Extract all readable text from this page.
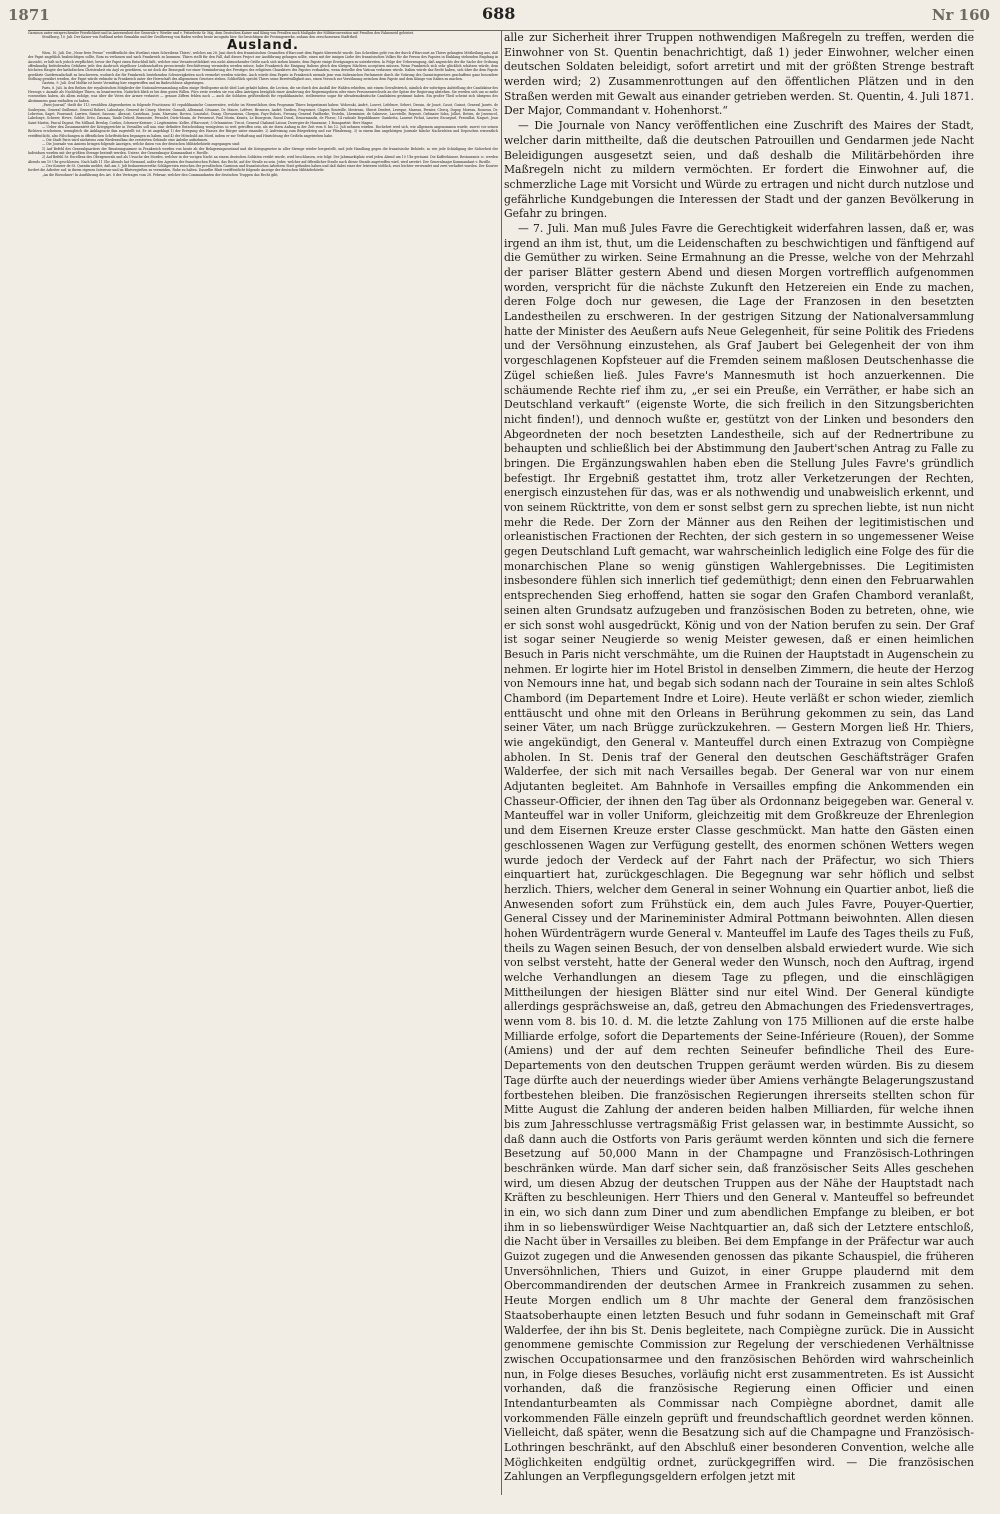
1871	688	Nr 160

Garnison unter entsprechender Feierlichkeit und in Anwesenheit der Generale v. Werder und v. Pritzelwitz Sr. Maj. dem Deutschen Kaiser und König von Preußen nach Maßgabe der Militärconvention mit Preußen den Fahneneid geleistet.

Straßburg, 10. Juli. Der Kaiser von Rußland nebst Gemahlin und der Großherzog von Baden weilen heute incognito hier. Sie besichtigen die Festungswerke, sodann den zerschossenen Stadttheil.

Ausland.

Wien, 10. Juli. Die „Neue freie Presse“ veröffentlicht den Wortlaut eines Schreibens Thiers', welches am 28. Juni durch den französischen Gesandten d'Harcourt dem Papste überreicht wurde. Das Schreiben geht von der durch d'Harcourt an Thiers gelangten Mittheilung aus, daß der Papst angeblich beabsichtigen sollte, Rom zu verlassen und nach Frankreich zu kommen. Thiers stellt für den Fall, daß dieses Project zur Ausführung gelangen sollte, einen mit der innigen Liebe des französischen Volkes für die Person des Papstes in Einklang stehenden Empfang in Aussicht, er hält sich jedoch verpflichtet, bevor der Papst einen Entschluß faßt, welcher eine Verantwortlichkeit von nicht abzusehender Größe nach sich ziehen könnte, dem Papste einige Erwägungen zu unterbreiten. In Folge der Ueberzeugung, daß angesichts der die Sache der Ordnung offenkundig bedrohenden Gefahren jede den Ausbruch zügelloser Leidenschaften provocirende Erschütterung vermieden werden müsse, habe Frankreich die Einigung Italiens gleich den übrigen Mächten acceptiren müssen. Wenn Frankreich sich sehr glücklich schätzen würde, dem höchsten Haupte der katholischen Christenheit ein Asyl zu gewähren, so sei doch die Besorgniß vor einer Verminderung des Prestiges des religiösen Charakters des Papstes vorhanden, wenn derselbe den Vatican verlassen würde. Italien würde das Recht haben, sich über die dem Papste gewährte Gastfreundschaft zu beschweren, wodurch die für Frankreich bestehenden Schwierigkeiten noch vermehrt werden würden. Auch würde dem Papste in Frankreich niemals jene vom italienischen Parlamente durch die Votirung des Garantiegesetzes geschaffene ganz besondere Stellung gewährt werden, der Papst würde vielmehr in Frankreich unter der Herrschaft des allgemeinen Gesetzes stehen. Schließlich spricht Thiers seine Bereitwilligkeit aus, einen Versuch zur Versöhnung zwischen dem Papste und dem Könige von Italien zu machen.

Gastein, 9. Juli. Graf Moltke ist heute Vormittag hier eingetroffen und im Badeschlosse abgestiegen.

Paris, 6. Juli. In den Reihen der royalistischen Mitglieder der Nationalversammlung sollen einige Heißsporne nicht übel Lust gehabt haben, die Lection, die sie durch den Ausfall der Wahlen erhielten, mit einem Gewaltstreich, nämlich der sofortigen Aufstellung der Candidatur des Herzogs v. Aumale als Nachfolger Thiers, zu beantworten. Natürlich blieb es bei dem guten Willen. Fürs erste werden sie von allen Anträgen bezüglich einer Aenderung der Regierungsform oder eines Personenwechsels an der Spitze der Regierung abstehen. Sie werden sich um so mehr vorzusehen haben, als allem zufolge, was über die Voten der Armee verlautet — genaue Ziffern fehlen noch — auch die Soldaten größtentheils für republikanische, stellenweise sogar für ultrademokratische Candidaten gestimmt haben. Ein großer Theil scheint sich übrigens des Abstimmens ganz enthalten zu haben.

„Paris-Journal“ theilt die 113 erwählten Abgeordneten in folgende Fractionen: 85 republikanische Conservative, welche im Wesentlichen dem Programm Thiers beigestimmt haben: Wolowski, André, Louvet, Lefebure, Sebert, Drouin, de Jouzé, Casot, Guinot, General Jaurès, de Soubeyran, General Guillemot, General Robert, Laboulaye, General de Cissey, Mercier, Ganault, Allemand, Césanne, Dr. Maure, Lefèvre, Brousses, André, Tardieu, Frayssinet, Clapier, Bouteille, Mestreau, Oberst Denfert, Leveque, Maseau, Fernier, Clercq, Dupuy, Moreau, Rosseau, Dr. Lebreton, Saget, Foureaud, Larrieu, Simiot, Saussac, Abracat, Castelnau, Jouin, Marvaise, Bovieu, Loustalot, Dusay, Chevassieux, Cherpin, Faye-Dubois, Fresnay, General Faidherbe, Testelin, Lherminier, de Salneuve, Lacretelle, Boysset, Ordinaire Sohn, Jolliet, Retien, de Jouvencel, Labelonye, Scherer, Hevre, Goblet, Dréo, Daumas, Taxile Delord, Beaussire, Pernolet, Dietz-Monin, de Pressensé, Paul Morin, Krantz, Le Bourgeois, Raoul Duval, Denormandis, de Ploeuc; 14 radicale Republikaner: Gambetta, Laurent Pichat, Laurier, Escarguel, Ferouillat, Naquet, Jean Saint-Martin, Pascal Duprat, Pin Millaud, Breslay, Cordon, Scheurer-Kestner; 2 Legitimisten: Keller, d'Harcourt; 3 Orleanisten: Tircot, General Chabaud-Latour, Duvergier de Hauranne; 1 Bonapartist: Herr Magne.

— Ueber den Zusammentritt der Kriegsgerichte in Versailles soll nun eine definitive Entscheidung wenigstens so weit getroffen sein, als sie ihren Anfang in der Zeit vom 8. bis 12. Juli nehmen würden. Rochefort wird sich, wie allgemein angenommen wurde, zuerst vor seinen Richtern erscheinen, wenngleich die Anklageacte ihm zugestellt ist. Er ist angeklagt 1) der Erregung des Hasses der Bürger unter einander, 2) Aufreizung zum Bürgerkrieg und zur Plünderung, 3) in einem ihm angehörigen Journale falsche Nachrichten und Depeschen wissentlich veröffentlicht, also Fälschungen in öffentlichen Schriftstücken begangen zu haben, und 4) der Mitschuld am Mord, indem er zur Verhaftung und Hinrichtung der Geißeln angetrieben habe.

— Die Stadt Paris wird nächstens zum Wiederaufbau der zerstörten Gebäude eine Anleihe aufnehmen.

— Die Journale von Amiens bringen folgende Anzeigen, welche ihnen von der deutschen Militärbehörde zugegangen sind:

1) Auf Befehl des Generalquartiers der Besatzungsarmee in Frankreich werden von heute ab der Belagerungszustand und die Kriegsgesetze in aller Strenge wieder hergestellt, und jede Handlung gegen die französische Behörde, so wie jede Schädigung der Sicherheit der Individuen werden mit der größten Strenge bestraft werden. Unterz. der Generalmajor Kommandant v. Ruville.

2) Auf Befehl Sr. Excellenz des Obergenerals und als Ursache des Mordes, welcher in der vorigen Nacht an einem deutschen Soldaten verübt wurde, wird beschlossen, wie folgt: Der Jahrmarktplatz wird jeden Abend um 10 Uhr geräumt. Die Kaffeehäuser, Restaurants ꝛc. werden Abends um 10 Uhr geschlossen. Nach halb 11 Uhr Abends hat Niemand, außer den Agenten der französischen Polizei, das Recht, auf der Straße zu sein. Jeder, welcher auf öffentlicher Straße nach dieser Stunde angetroffen wird, wird arretirt. Der Generalmajor Kommandant v. Ruville.

— Der Kourier de St. Quentin meldet, daß am 3. Juli bedauernswerthe Schlägereien zwischen der preußischen Garnison und französischen Arbeitern Statt gefunden haben und daß dabei einer der letzteren tödtlich, zwei leichter verwundet und zwei verhaftet wurden. Der Kourier fordert die Arbeiter auf, in ihrem eigenen Interesse und im Blutvergießen zu vermeiden, Ruhe zu halten. Dasselbe Blatt veröffentlicht folgende Anzeige der deutschen Militärbehörde:

„An die Einwohner! In Ausführung des Art. 8 des Vertrages vom 28. Februar, welcher den Commandanten der deutschen Truppen das Recht gibt,

alle zur Sicherheit ihrer Truppen nothwendigen Maßregeln zu treffen, werden die Einwohner von St. Quentin benachrichtigt, daß 1) jeder Einwohner, welcher einen deutschen Soldaten beleidigt, sofort arretirt und mit der größten Strenge bestraft werden wird; 2) Zusammenrottungen auf den öffentlichen Plätzen und in den Straßen werden mit Gewalt aus einander getrieben werden. St. Quentin, 4. Juli 1871. Der Major, Commandant v. Hohenhorst.“

— Die Journale von Nancy veröffentlichen eine Zuschrift des Maires der Stadt, welcher darin mittheilte, daß die deutschen Patrouillen und Gendarmen jede Nacht Beleidigungen ausgesetzt seien, und daß deshalb die Militärbehörden ihre Maßregeln nicht zu mildern vermöchten. Er fordert die Einwohner auf, die schmerzliche Lage mit Vorsicht und Würde zu ertragen und nicht durch nutzlose und gefährliche Kundgebungen die Interessen der Stadt und der ganzen Bevölkerung in Gefahr zu bringen.

— 7. Juli. Man muß Jules Favre die Gerechtigkeit widerfahren lassen, daß er, was irgend an ihm ist, thut, um die Leidenschaften zu beschwichtigen und fänftigend auf die Gemüther zu wirken. Seine Ermahnung an die Presse, welche von der Mehrzahl der pariser Blätter gestern Abend und diesen Morgen vortrefflich aufgenommen worden, verspricht für die nächste Zukunft den Hetzereien ein Ende zu machen, deren Folge doch nur gewesen, die Lage der Franzosen in den besetzten Landestheilen zu erschweren. In der gestrigen Sitzung der Nationalversammlung hatte der Minister des Aeußern aufs Neue Gelegenheit, für seine Politik des Friedens und der Versöhnung einzustehen, als Graf Jaubert bei Gelegenheit der von ihm vorgeschlagenen Kopfsteuer auf die Fremden seinem maßlosen Deutschenhasse die Zügel schießen ließ. Jules Favre's Mannesmuth ist hoch anzuerkennen. Die schäumende Rechte rief ihm zu, „er sei ein Preuße, ein Verräther, er habe sich an Deutschland verkauft“ (eigenste Worte, die sich freilich in den Sitzungsberichten nicht finden!), und dennoch wußte er, gestützt von der Linken und besonders den Abgeordneten der noch besetzten Landestheile, sich auf der Rednertribune zu behaupten und schließlich bei der Abstimmung den Jaubert'schen Antrag zu Falle zu bringen. Die Ergänzungswahlen haben eben die Stellung Jules Favre's gründlich befestigt. Ihr Ergebniß gestattet ihm, trotz aller Verketzerungen der Rechten, energisch einzustehen für das, was er als nothwendig und unabweislich erkennt, und von seinem Rücktritte, von dem er sonst selbst gern zu sprechen liebte, ist nun nicht mehr die Rede. Der Zorn der Männer aus den Reihen der legitimistischen und orleanistischen Fractionen der Rechten, der sich gestern in so ungemessener Weise gegen Deutschland Luft gemacht, war wahrscheinlich lediglich eine Folge des für die monarchischen Plane so wenig günstigen Wahlergebnisses. Die Legitimisten insbesondere fühlen sich innerlich tief gedemüthigt; denn einen den Februarwahlen entsprechenden Sieg erhoffend, hatten sie sogar den Grafen Chambord veranlaßt, seinen alten Grundsatz aufzugeben und französischen Boden zu betreten, ohne, wie er sich sonst wohl ausgedrückt, König und von der Nation berufen zu sein. Der Graf ist sogar seiner Neugierde so wenig Meister gewesen, daß er einen heimlichen Besuch in Paris nicht verschmähte, um die Ruinen der Hauptstadt in Augenschein zu nehmen. Er logirte hier im Hotel Bristol in denselben Zimmern, die heute der Herzog von Nemours inne hat, und begab sich sodann nach der Touraine in sein altes Schloß Chambord (im Departement Indre et Loire). Heute verläßt er schon wieder, ziemlich enttäuscht und ohne mit den Orleans in Berührung gekommen zu sein, das Land seiner Väter, um nach Brügge zurückzukehren. — Gestern Morgen ließ Hr. Thiers, wie angekündigt, den General v. Manteuffel durch einen Extrazug von Compiègne abholen. In St. Denis traf der General den deutschen Geschäftsträger Grafen Walderfee, der sich mit nach Versailles begab. Der General war von nur einem Adjutanten begleitet. Am Bahnhofe in Versailles empfing die Ankommenden ein Chasseur-Officier, der ihnen den Tag über als Ordonnanz beigegeben war. General v. Manteuffel war in voller Uniform, gleichzeitig mit dem Großkreuze der Ehrenlegion und dem Eisernen Kreuze erster Classe geschmückt. Man hatte den Gästen einen geschlossenen Wagen zur Verfügung gestellt, des enormen schönen Wetters wegen wurde jedoch der Verdeck auf der Fahrt nach der Präfectur, wo sich Thiers einquartiert hat, zurückgeschlagen. Die Begegnung war sehr höflich und selbst herzlich. Thiers, welcher dem General in seiner Wohnung ein Quartier anbot, ließ die Anwesenden sofort zum Frühstück ein, dem auch Jules Favre, Pouyer-Quertier, General Cissey und der Marineminister Admiral Pottmann beiwohnten. Allen diesen hohen Würdenträgern wurde General v. Manteuffel im Laufe des Tages theils zu Fuß, theils zu Wagen seinen Besuch, der von denselben alsbald erwiedert wurde. Wie sich von selbst versteht, hatte der General weder den Wunsch, noch den Auftrag, irgend welche Verhandlungen an diesem Tage zu pflegen, und die einschlägigen Mittheilungen der hiesigen Blätter sind nur eitel Wind. Der General kündigte allerdings gesprächsweise an, daß, getreu den Abmachungen des Friedensvertrages, wenn vom 8. bis 10. d. M. die letzte Zahlung von 175 Millionen auf die erste halbe Milliarde erfolge, sofort die Departements der Seine-Inférieure (Rouen), der Somme (Amiens) und der auf dem rechten Seineufer befindliche Theil des Eure-Departements von den deutschen Truppen geräumt werden würden. Bis zu diesem Tage dürfte auch der neuerdings wieder über Amiens verhängte Belagerungszustand fortbestehen bleiben. Die französischen Regierungen ihrerseits stellten schon für Mitte August die Zahlung der anderen beiden halben Milliarden, für welche ihnen bis zum Jahresschlusse vertragsmäßig Frist gelassen war, in bestimmte Aussicht, so daß dann auch die Ostforts von Paris geräumt werden könnten und sich die fernere Besetzung auf 50,000 Mann in der Champagne und Französisch-Lothringen beschränken würde. Man darf sicher sein, daß französischer Seits Alles geschehen wird, um diesen Abzug der deutschen Truppen aus der Nähe der Hauptstadt nach Kräften zu beschleunigen. Herr Thiers und den General v. Manteuffel so befreundet in ein, wo sich dann zum Diner und zum abendlichen Empfange zu bleiben, er bot ihm in so liebenswürdiger Weise Nachtquartier an, daß sich der Letztere entschloß, die Nacht über in Versailles zu bleiben. Bei dem Empfange in der Präfectur war auch Guizot zugegen und die Anwesenden genossen das pikante Schauspiel, die früheren Unversöhnlichen, Thiers und Guizot, in einer Gruppe plaudernd mit dem Obercommandirenden der deutschen Armee in Frankreich zusammen zu sehen. Heute Morgen endlich um 8 Uhr machte der General dem französischen Staatsoberhaupte einen letzten Besuch und fuhr sodann in Gemeinschaft mit Graf Walderfee, der ihn bis St. Denis begleitete, nach Compiègne zurück. Die in Aussicht genommene gemischte Commission zur Regelung der verschiedenen Verhältnisse zwischen Occupationsarmee und den französischen Behörden wird wahrscheinlich nun, in Folge dieses Besuches, vorläufig nicht erst zusammentreten. Es ist Aussicht vorhanden, daß die französische Regierung einen Officier und einen Intendanturbeamten als Commissar nach Compiègne abordnet, damit alle vorkommenden Fälle einzeln geprüft und freundschaftlich geordnet werden können. Vielleicht, daß später, wenn die Besatzung sich auf die Champagne und Französisch-Lothringen beschränkt, auf den Abschluß einer besonderen Convention, welche alle Möglichkeiten endgültig ordnet, zurückgegriffen wird. — Die französischen Zahlungen an Verpflegungsgeldern erfolgen jetzt mit
